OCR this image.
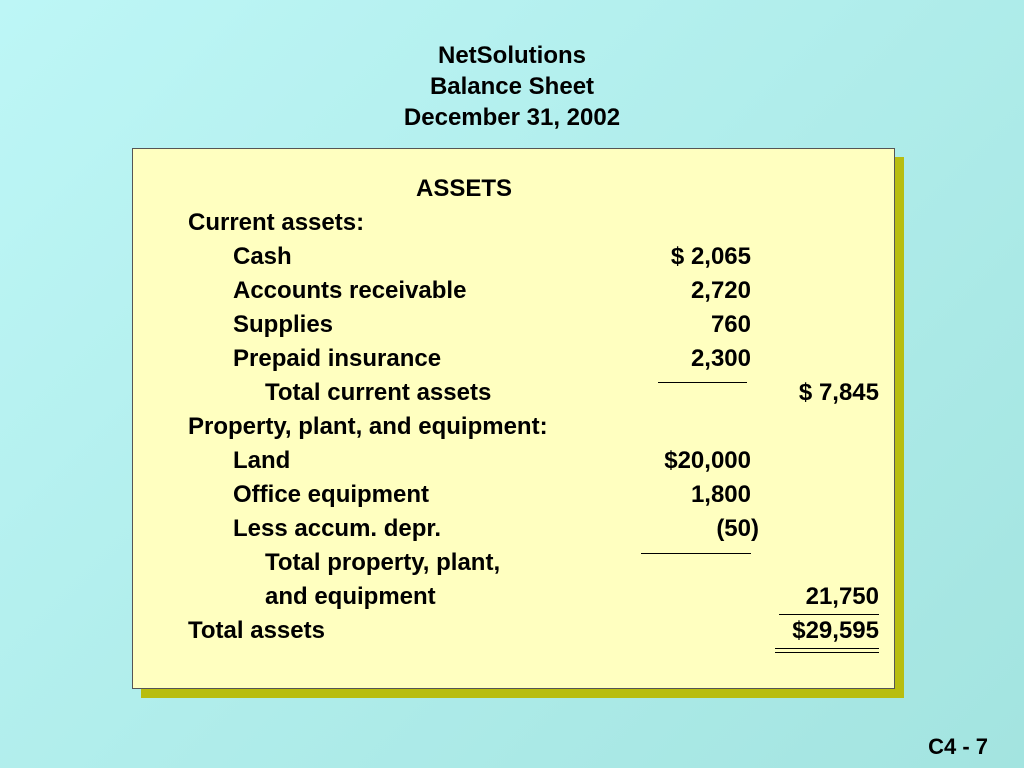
NetSolutions
Balance Sheet
December 31, 2002
ASSETS
Current assets:
Cash	$ 2,065
Accounts receivable	2,720
Supplies	760
Prepaid insurance	2,300
Total current assets	$ 7,845
Property, plant, and equipment:
Land	$20,000
Office equipment	1,800
Less accum. depr.	(50)
Total property, plant,
and equipment	21,750
Total assets	$29,595
C4 - 7
